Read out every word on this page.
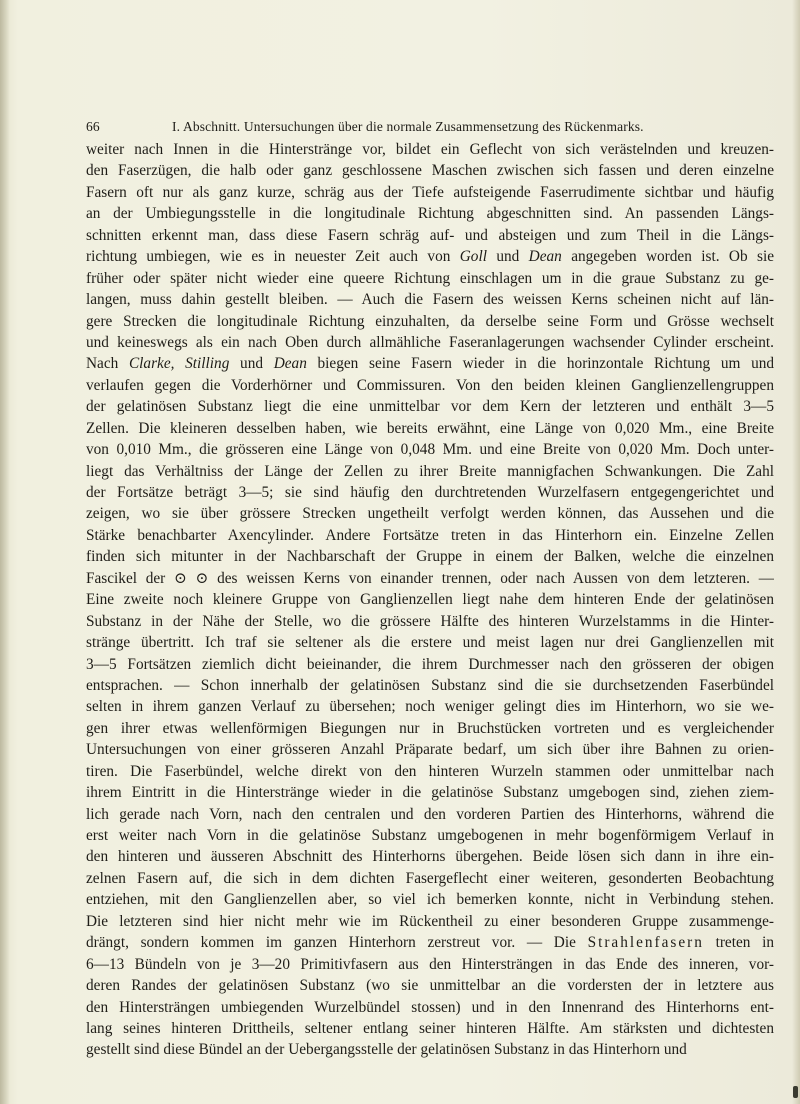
66	I. Abschnitt. Untersuchungen über die normale Zusammensetzung des Rückenmarks.
weiter nach Innen in die Hinterstränge vor, bildet ein Geflecht von sich verästelnden und kreuzen-
den Faserzügen, die halb oder ganz geschlossene Maschen zwischen sich fassen und deren einzelne
Fasern oft nur als ganz kurze, schräg aus der Tiefe aufsteigende Faserrudimente sichtbar und häufig
an der Umbiegungsstelle in die longitudinale Richtung abgeschnitten sind. An passenden Längs-
schnitten erkennt man, dass diese Fasern schräg auf- und absteigen und zum Theil in die Längs-
richtung umbiegen, wie es in neuester Zeit auch von Goll und Dean angegeben worden ist. Ob sie
früher oder später nicht wieder eine queere Richtung einschlagen um in die graue Substanz zu ge-
langen, muss dahin gestellt bleiben. — Auch die Fasern des weissen Kerns scheinen nicht auf län-
gere Strecken die longitudinale Richtung einzuhalten, da derselbe seine Form und Grösse wechselt
und keineswegs als ein nach Oben durch allmähliche Faseranlagerungen wachsender Cylinder erscheint.
Nach Clarke, Stilling und Dean biegen seine Fasern wieder in die horinzontale Richtung um und
verlaufen gegen die Vorderhörner und Commissuren. Von den beiden kleinen Ganglienzellengruppen
der gelatinösen Substanz liegt die eine unmittelbar vor dem Kern der letzteren und enthält 3—5
Zellen. Die kleineren desselben haben, wie bereits erwähnt, eine Länge von 0,020 Mm., eine Breite
von 0,010 Mm., die grösseren eine Länge von 0,048 Mm. und eine Breite von 0,020 Mm. Doch unter-
liegt das Verhältniss der Länge der Zellen zu ihrer Breite mannigfachen Schwankungen. Die Zahl
der Fortsätze beträgt 3—5; sie sind häufig den durchtretenden Wurzelfasern entgegengerichtet und
zeigen, wo sie über grössere Strecken ungetheilt verfolgt werden können, das Aussehen und die
Stärke benachbarter Axencylinder. Andere Fortsätze treten in das Hinterhorn ein. Einzelne Zellen
finden sich mitunter in der Nachbarschaft der Gruppe in einem der Balken, welche die einzelnen
Fascikel der ⊙ ⊙ des weissen Kerns von einander trennen, oder nach Aussen von dem letzteren. —
Eine zweite noch kleinere Gruppe von Ganglienzellen liegt nahe dem hinteren Ende der gelatinösen
Substanz in der Nähe der Stelle, wo die grössere Hälfte des hinteren Wurzelstamms in die Hinter-
stränge übertritt. Ich traf sie seltener als die erstere und meist lagen nur drei Ganglienzellen mit
3—5 Fortsätzen ziemlich dicht beieinander, die ihrem Durchmesser nach den grösseren der obigen
entsprachen. — Schon innerhalb der gelatinösen Substanz sind die sie durchsetzenden Faserbündel
selten in ihrem ganzen Verlauf zu übersehen; noch weniger gelingt dies im Hinterhorn, wo sie we-
gen ihrer etwas wellenförmigen Biegungen nur in Bruchstücken vortreten und es vergleichender
Untersuchungen von einer grösseren Anzahl Präparate bedarf, um sich über ihre Bahnen zu orien-
tiren. Die Faserbündel, welche direkt von den hinteren Wurzeln stammen oder unmittelbar nach
ihrem Eintritt in die Hinterstränge wieder in die gelatinöse Substanz umgebogen sind, ziehen ziem-
lich gerade nach Vorn, nach den centralen und den vorderen Partien des Hinterhorns, während die
erst weiter nach Vorn in die gelatinöse Substanz umgebogenen in mehr bogenförmigem Verlauf in
den hinteren und äusseren Abschnitt des Hinterhorns übergehen. Beide lösen sich dann in ihre ein-
zelnen Fasern auf, die sich in dem dichten Fasergeflecht einer weiteren, gesonderten Beobachtung
entziehen, mit den Ganglienzellen aber, so viel ich bemerken konnte, nicht in Verbindung stehen.
Die letzteren sind hier nicht mehr wie im Rückentheil zu einer besonderen Gruppe zusammenge-
drängt, sondern kommen im ganzen Hinterhorn zerstreut vor. — Die Strahlenfasern treten in
6—13 Bündeln von je 3—20 Primitivfasern aus den Hintersträngen in das Ende des inneren, vor-
deren Randes der gelatinösen Substanz (wo sie unmittelbar an die vordersten der in letztere aus
den Hintersträngen umbiegenden Wurzelbündel stossen) und in den Innenrand des Hinterhorns ent-
lang seines hinteren Drittheils, seltener entlang seiner hinteren Hälfte. Am stärksten und dichtesten
gestellt sind diese Bündel an der Uebergangsstelle der gelatinösen Substanz in das Hinterhorn und
